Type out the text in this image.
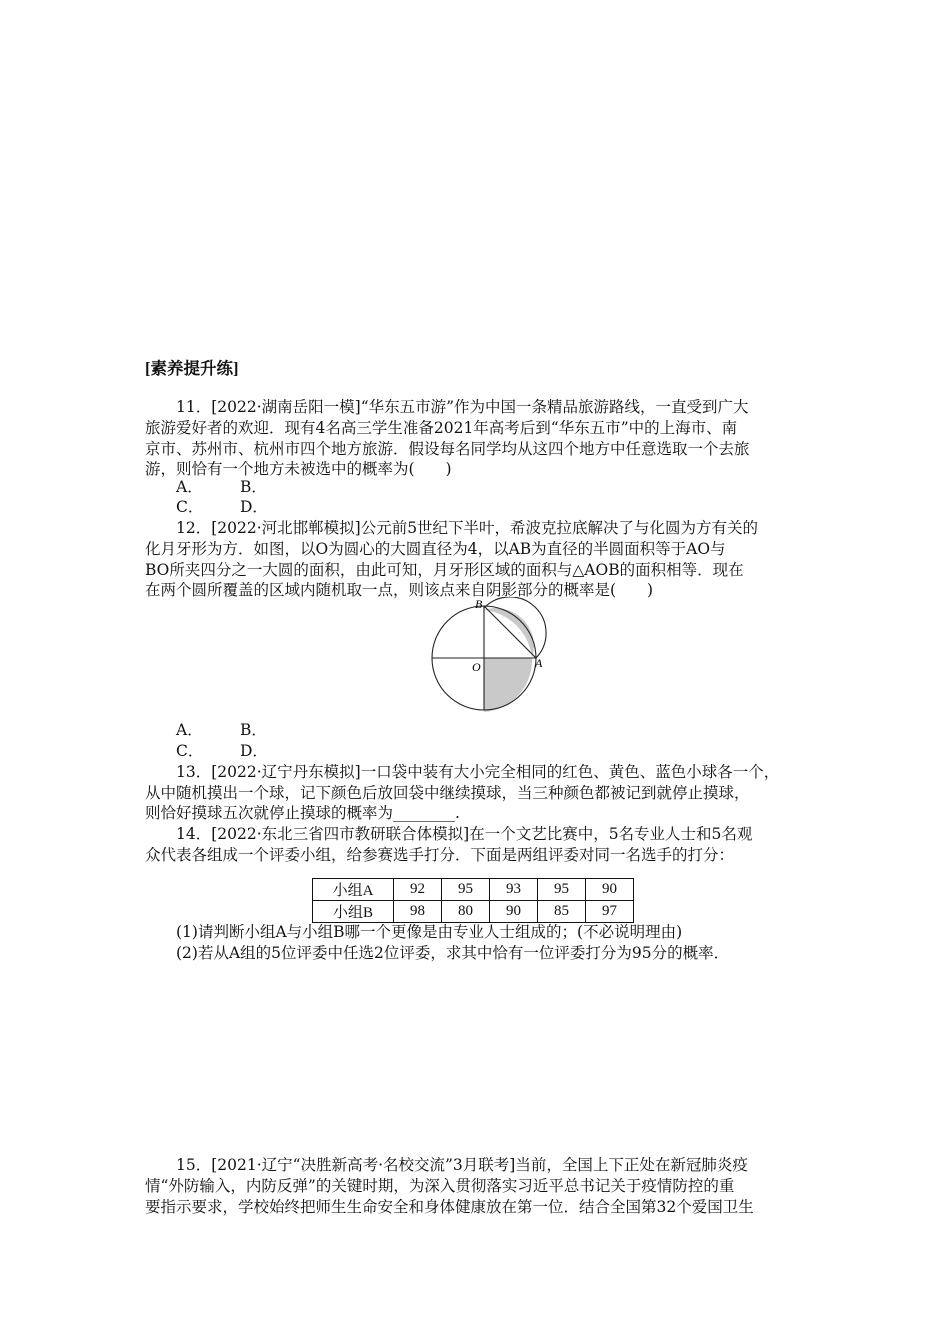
[素养提升练]
11．[2022·湖南岳阳一模]“华东五市游”作为中国一条精品旅游路线，一直受到广大
旅游爱好者的欢迎．现有4名高三学生准备2021年高考后到“华东五市”中的上海市、南
京市、苏州市、杭州市四个地方旅游．假设每名同学均从这四个地方中任意选取一个去旅
游，则恰有一个地方未被选中的概率为(　　)
A． B．
C． D．
12．[2022·河北邯郸模拟]公元前5世纪下半叶，希波克拉底解决了与化圆为方有关的
化月牙形为方．如图，以O为圆心的大圆直径为4，以AB为直径的半圆面积等于AO与
BO所夹四分之一大圆的面积，由此可知，月牙形区域的面积与△AOB的面积相等．现在
在两个圆所覆盖的区域内随机取一点，则该点来自阴影部分的概率是(　　)
B
O	A
A． B．
C． D．
13．[2022·辽宁丹东模拟]一口袋中装有大小完全相同的红色、黄色、蓝色小球各一个，
从中随机摸出一个球，记下颜色后放回袋中继续摸球，当三种颜色都被记到就停止摸球，
则恰好摸球五次就停止摸球的概率为________.
14．[2022·东北三省四市教研联合体模拟]在一个文艺比赛中，5名专业人士和5名观
众代表各组成一个评委小组，给参赛选手打分．下面是两组评委对同一名选手的打分：
小组A	92	95	93	95	90
小组B	98	80	90	85	97
(1)请判断小组A与小组B哪一个更像是由专业人士组成的；(不必说明理由)
(2)若从A组的5位评委中任选2位评委，求其中恰有一位评委打分为95分的概率．
15．[2021·辽宁“决胜新高考·名校交流”3月联考]当前，全国上下正处在新冠肺炎疫
情“外防输入，内防反弹”的关键时期，为深入贯彻落实习近平总书记关于疫情防控的重
要指示要求，学校始终把师生生命安全和身体健康放在第一位．结合全国第32个爱国卫生
